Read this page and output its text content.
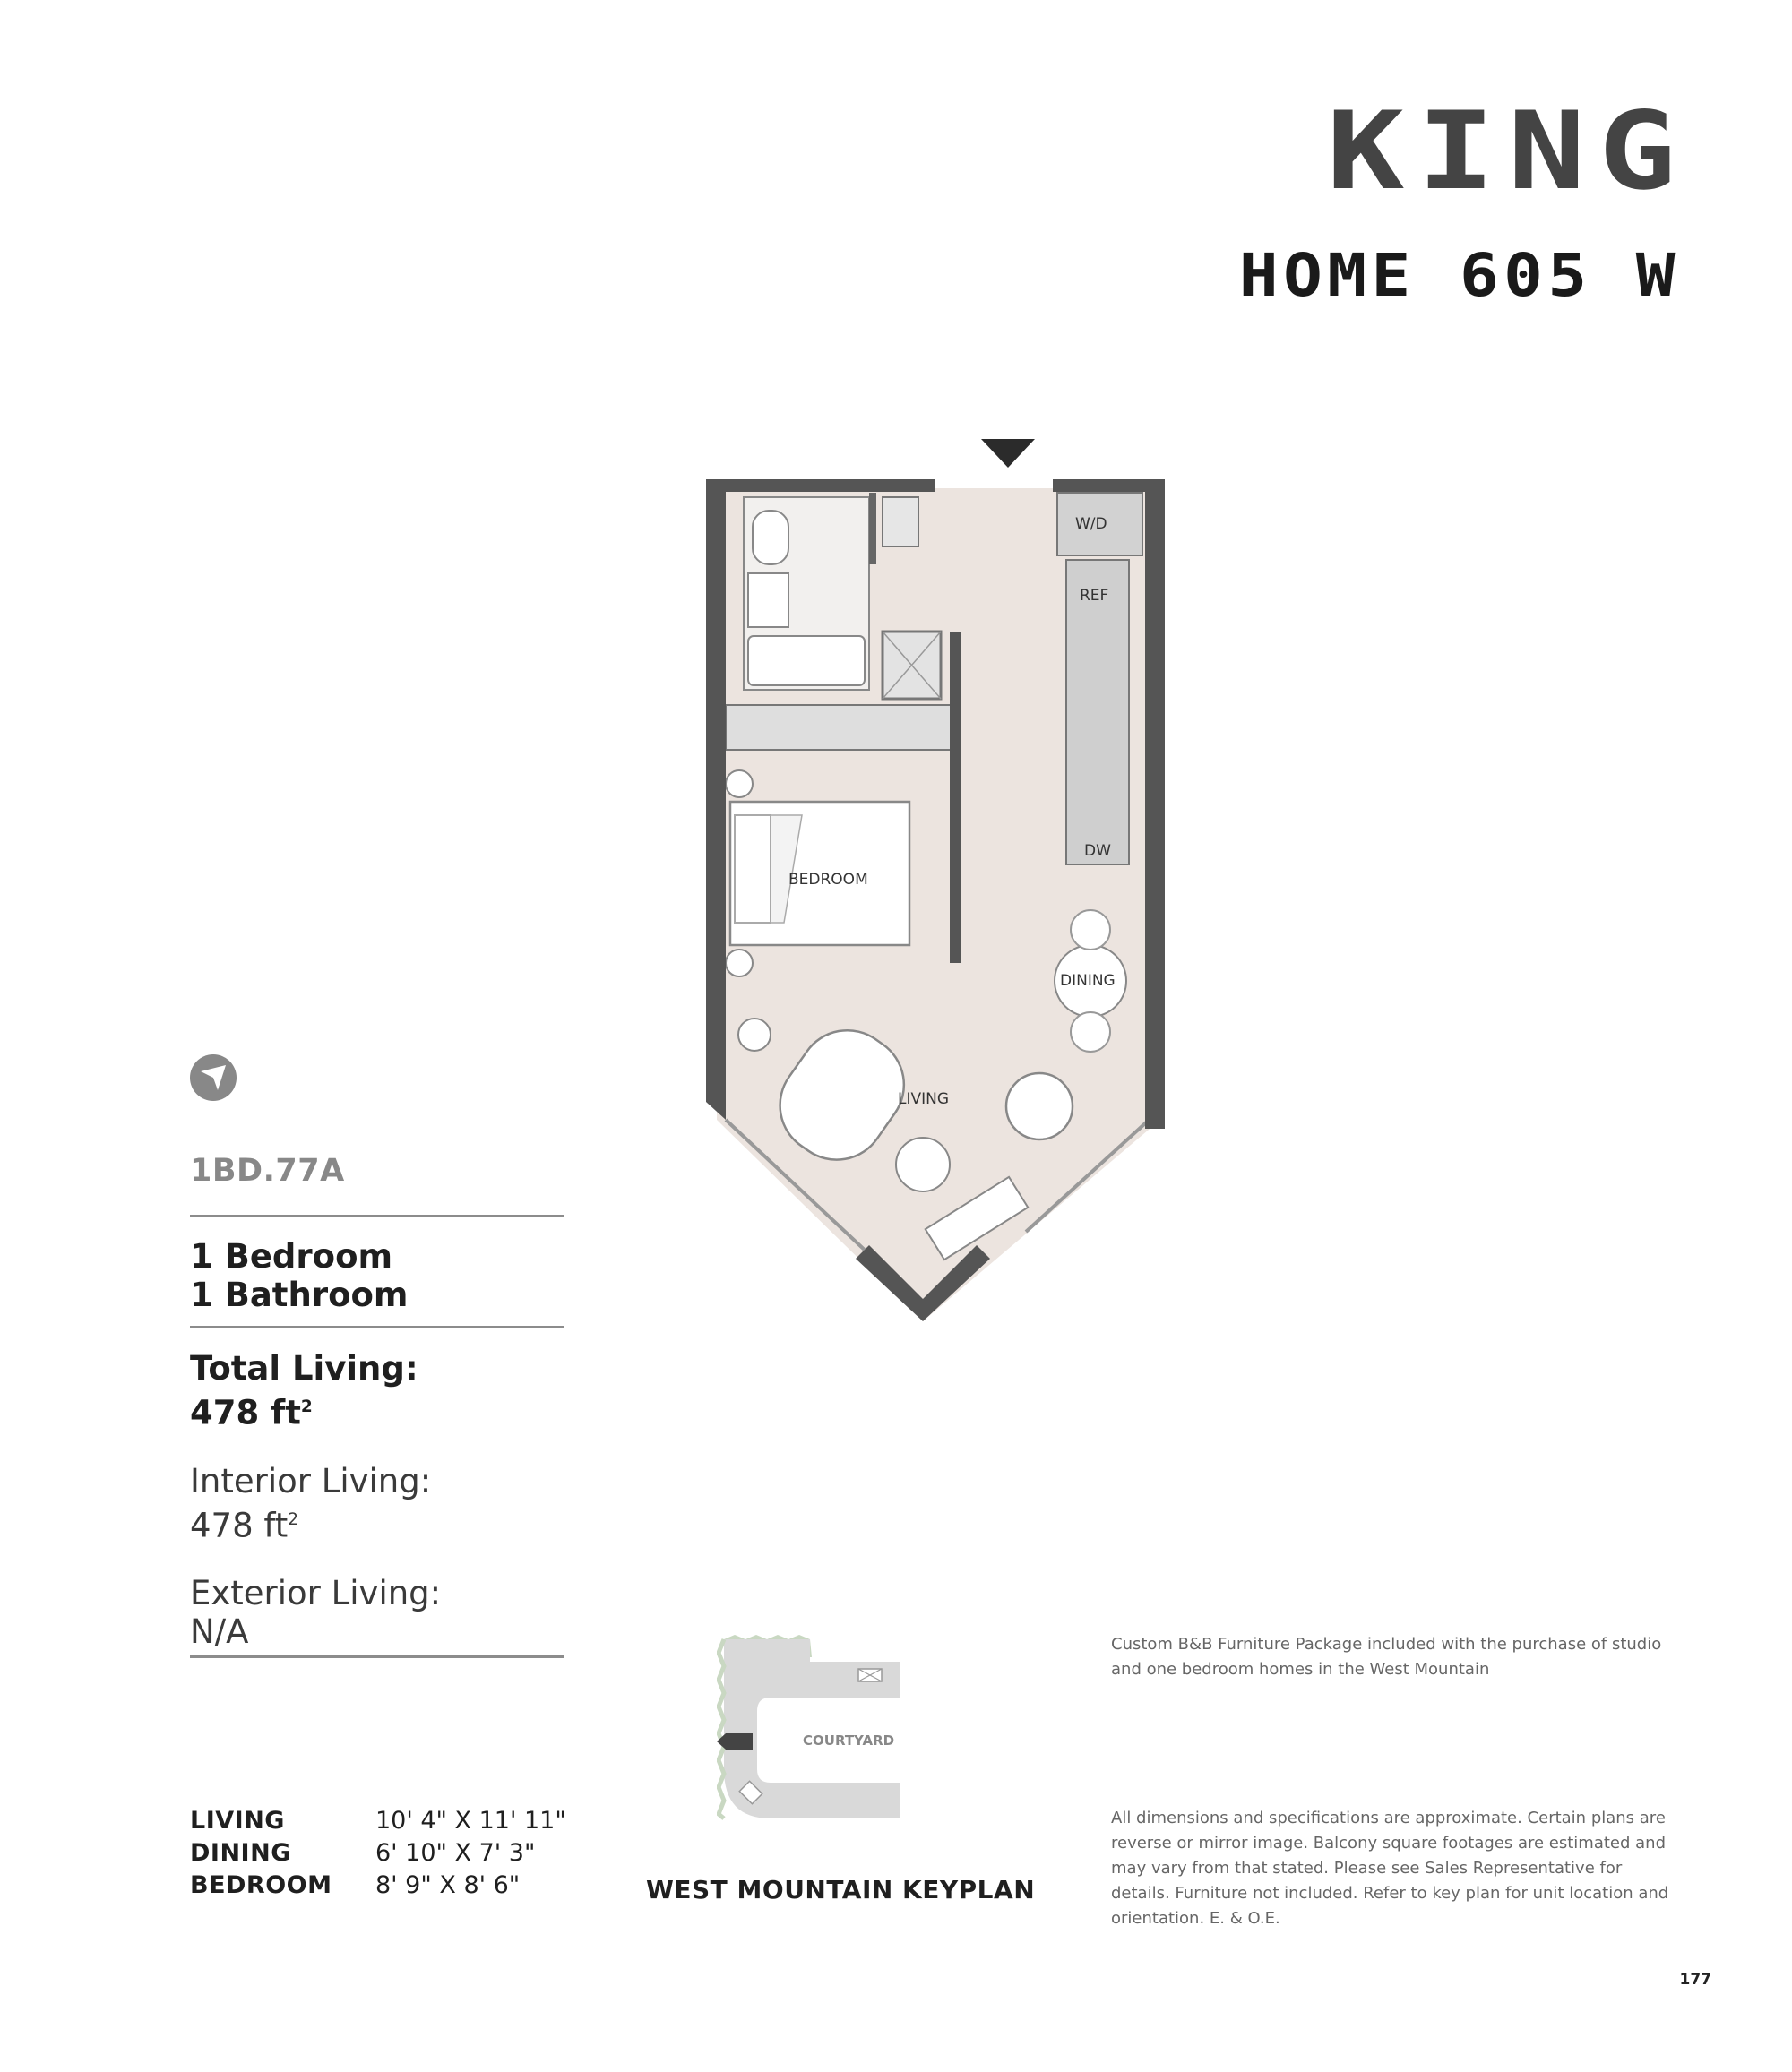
KING
HOME 605 W
W/D
REF
DW
BEDROOM
DINING
LIVING
1BD.77A
1 Bedroom
1 Bathroom
Total Living:
478 $ft^2$
Interior Living:
478 $ft^2$
Exterior Living:
N/A
LIVING	10' 4" X 11' 11"
DINING	6' 10" X 7' 3"
BEDROOM	8' 9" X 8' 6"
COURTYARD
WEST MOUNTAIN KEYPLAN
Custom B&B Furniture Package included with the purchase of studio and one bedroom homes in the West Mountain
All dimensions and specifications are approximate. Certain plans are reverse or mirror image. Balcony square footages are estimated and may vary from that stated. Please see Sales Representative for details. Furniture not included. Refer to key plan for unit location and orientation. E. & O.E.
177
